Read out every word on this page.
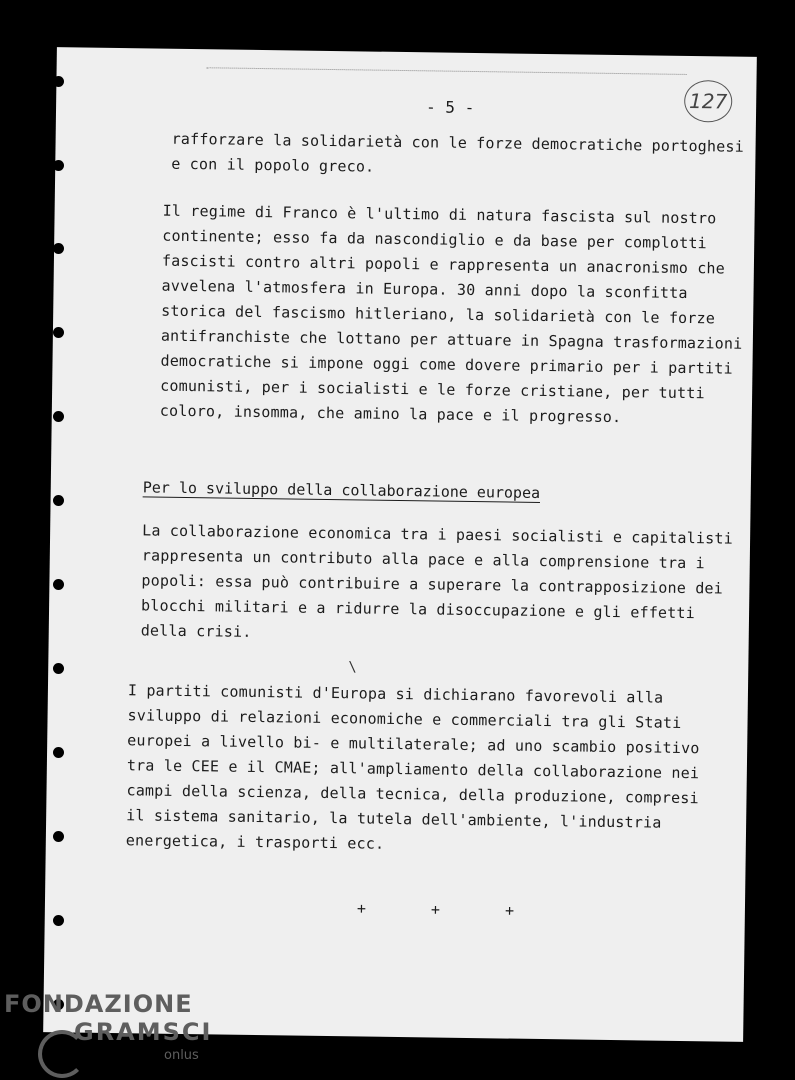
- 5 -	127
rafforzare la solidarietà con le forze democratiche portoghesi
e con il popolo greco.
Il regime di Franco è l'ultimo di natura fascista sul nostro
continente; esso fa da nascondiglio e da base per complotti
fascisti contro altri popoli e rappresenta un anacronismo che
avvelena l'atmosfera in Europa. 30 anni dopo la sconfitta
storica del fascismo hitleriano, la solidarietà con le forze
antifranchiste che lottano per attuare in Spagna trasformazioni
democratiche si impone oggi come dovere primario per i partiti
comunisti, per i socialisti e le forze cristiane, per tutti
coloro, insomma, che amino la pace e il progresso.
Per lo sviluppo della collaborazione europea
La collaborazione economica tra i paesi socialisti e capitalisti
rappresenta un contributo alla pace e alla comprensione tra i
popoli: essa può contribuire a superare la contrapposizione dei
blocchi militari e a ridurre la disoccupazione e gli effetti
della crisi.
\
I partiti comunisti d'Europa si dichiarano favorevoli alla
sviluppo di relazioni economiche e commerciali tra gli Stati
europei a livello bi- e multilaterale; ad uno scambio positivo
tra le CEE e il CMAE; all'ampliamento della collaborazione nei
campi della scienza, della tecnica, della produzione, compresi
il sistema sanitario, la tutela dell'ambiente, l'industria
energetica, i trasporti ecc.
+ + +
FONDAZIONE
GRAMSCI
onlus
